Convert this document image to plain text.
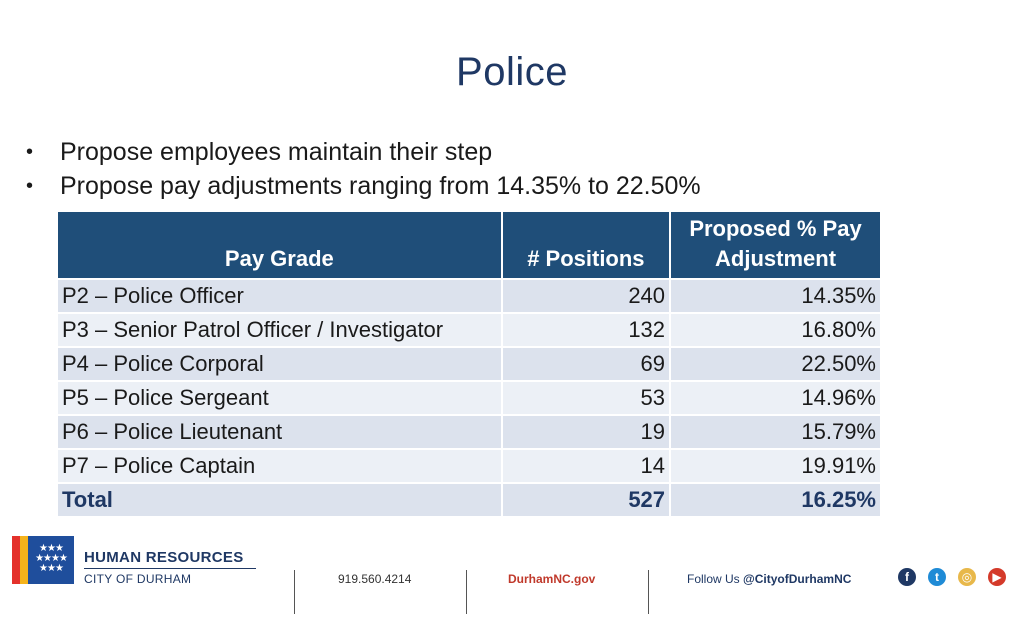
Police
• Propose employees maintain their step
• Propose pay adjustments ranging from 14.35% to 22.50%
Pay Grade	# Positions	Proposed % Pay Adjustment
P2 – Police Officer	240	14.35%
P3 – Senior Patrol Officer / Investigator	132	16.80%
P4 – Police Corporal	69	22.50%
P5 – Police Sergeant	53	14.96%
P6 – Police Lieutenant	19	15.79%
P7 – Police Captain	14	19.91%
Total	527	16.25%
★★★
★★★★
★★★
HUMAN RESOURCES
CITY OF DURHAM	919.560.4214	DurhamNC.gov	Follow Us @CityofDurhamNC	f	t	◎	▶
